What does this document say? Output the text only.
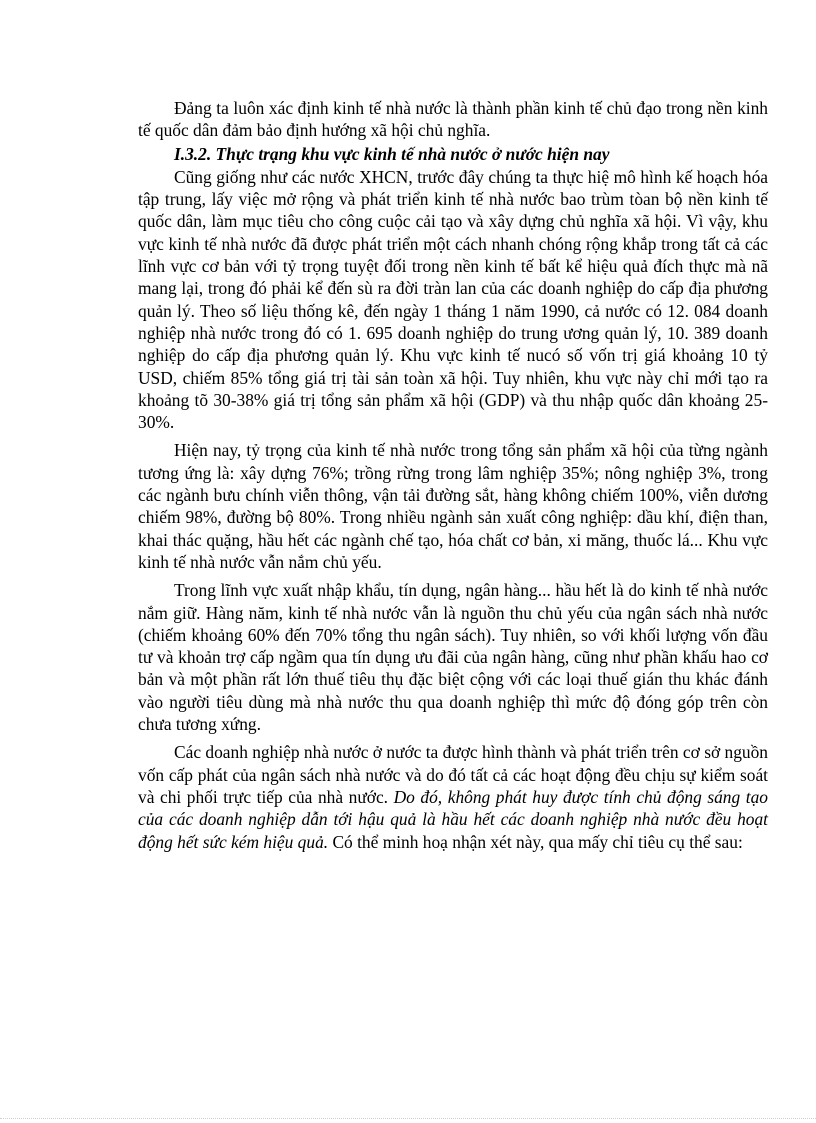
Đảng ta luôn xác định kinh tế nhà nước là thành phần kinh tế chủ đạo trong nền kinh tế quốc dân đảm bảo định hướng xã hội chủ nghĩa.

I.3.2. Thực trạng khu vực kinh tế nhà nước ở nước hiện nay

Cũng giống như các nước XHCN, trước đây chúng ta thực hiệ mô hình kế hoạch hóa tập trung, lấy việc mở rộng và phát triển kinh tế nhà nước bao trùm tòan bộ nền kinh tế quốc dân, làm mục tiêu cho công cuộc cải tạo và xây dựng chủ nghĩa xã hội. Vì vậy, khu vực kinh tế nhà nước đã được phát triển một cách nhanh chóng rộng khắp trong tất cả các lĩnh vực cơ bản với tỷ trọng tuyệt đối trong nền kinh tế bất kể hiệu quả đích thực mà nã mang lại, trong đó phải kể đến sù ra đời tràn lan của các doanh nghiệp do cấp địa phương quản lý. Theo số liệu thống kê, đến ngày 1 tháng 1 năm 1990, cả nước có 12. 084 doanh nghiệp nhà nước trong đó có 1. 695 doanh nghiệp do trung ương quản lý, 10. 389 doanh nghiệp do cấp địa phương quản lý. Khu vực kinh tế nucó số vốn trị giá khoảng 10 tỷ USD, chiếm 85% tổng giá trị tài sản toàn xã hội. Tuy nhiên, khu vực này chỉ mới tạo ra khoảng tõ 30-38% giá trị tổng sản phẩm xã hội (GDP) và thu nhập quốc dân khoảng 25-30%.

Hiện nay, tỷ trọng của kinh tế nhà nước trong tổng sản phẩm xã hội của từng ngành tương ứng là: xây dựng 76%; trồng rừng trong lâm nghiệp 35%; nông nghiệp 3%, trong các ngành bưu chính viễn thông, vận tải đường sắt, hàng không chiếm 100%, viễn dương chiếm 98%, đường bộ 80%. Trong nhiều ngành sản xuất công nghiệp: dầu khí, điện than, khai thác quặng, hầu hết các ngành chế tạo, hóa chất cơ bản, xi măng, thuốc lá... Khu vực kinh tế nhà nước vẫn nắm chủ yếu.

Trong lĩnh vực xuất nhập khẩu, tín dụng, ngân hàng... hầu hết là do kinh tế nhà nước nắm giữ. Hàng năm, kinh tế nhà nước vẫn là nguồn thu chủ yếu của ngân sách nhà nước (chiếm khoảng 60% đến 70% tổng thu ngân sách). Tuy nhiên, so với khối lượng vốn đầu tư và khoản trợ cấp ngầm qua tín dụng ưu đãi của ngân hàng, cũng như phần khấu hao cơ bản và một phần rất lớn thuế tiêu thụ đặc biệt cộng với các loại thuế gián thu khác đánh vào người tiêu dùng mà nhà nước thu qua doanh nghiệp thì mức độ đóng góp trên còn chưa tương xứng.

Các doanh nghiệp nhà nước ở nước ta được hình thành và phát triển trên cơ sở nguồn vốn cấp phát của ngân sách nhà nước và do đó tất cả các hoạt động đều chịu sự kiểm soát và chi phối trực tiếp của nhà nước. Do đó, không phát huy được tính chủ động sáng tạo của các doanh nghiệp dẫn tới hậu quả là hầu hết các doanh nghiệp nhà nước đều hoạt động hết sức kém hiệu quả. Có thể minh hoạ nhận xét này, qua mấy chỉ tiêu cụ thể sau:
